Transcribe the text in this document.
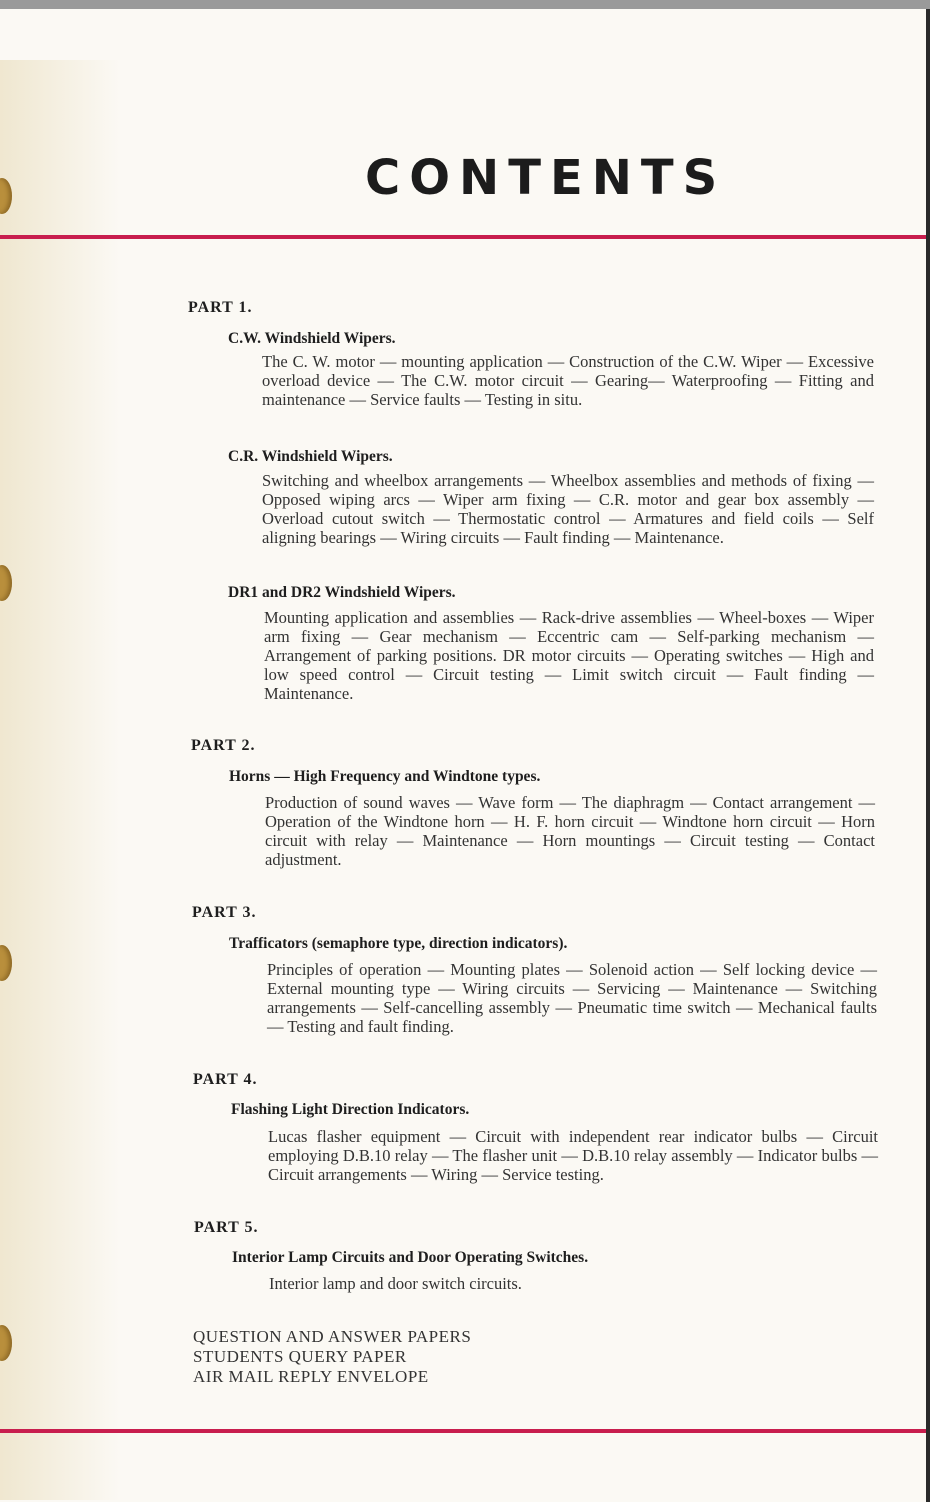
CONTENTS
PART 1.
C.W. Windshield Wipers.

The C. W. motor — mounting application — Construction of the C.W. Wiper — Excessive overload device — The C.W. motor circuit — Gearing— Waterproofing — Fitting and maintenance — Service faults — Testing in situ.

C.R. Windshield Wipers.

Switching and wheelbox arrangements — Wheelbox assemblies and methods of fixing — Opposed wiping arcs — Wiper arm fixing — C.R. motor and gear box assembly — Overload cutout switch — Thermostatic control — Armatures and field coils — Self aligning bearings — Wiring circuits — Fault finding — Maintenance.

DR1 and DR2 Windshield Wipers.

Mounting application and assemblies — Rack-drive assemblies — Wheel-boxes — Wiper arm fixing — Gear mechanism — Eccentric cam — Self-parking mechanism — Arrangement of parking positions. DR motor circuits — Operating switches — High and low speed control — Circuit testing — Limit switch circuit — Fault finding — Maintenance.

PART 2.
Horns — High Frequency and Windtone types.

Production of sound waves — Wave form — The diaphragm — Contact arrangement — Operation of the Windtone horn — H. F. horn circuit — Windtone horn circuit — Horn circuit with relay — Maintenance — Horn mountings — Circuit testing — Contact adjustment.

PART 3.
Trafficators (semaphore type, direction indicators).

Principles of operation — Mounting plates — Solenoid action — Self locking device — External mounting type — Wiring circuits — Servicing — Maintenance — Switching arrangements — Self-cancelling assembly — Pneumatic time switch — Mechanical faults — Testing and fault finding.

PART 4.
Flashing Light Direction Indicators.

Lucas flasher equipment — Circuit with independent rear indicator bulbs — Circuit employing D.B.10 relay — The flasher unit — D.B.10 relay assembly — Indicator bulbs — Circuit arrangements — Wiring — Service testing.

PART 5.
Interior Lamp Circuits and Door Operating Switches.

Interior lamp and door switch circuits.

QUESTION AND ANSWER PAPERS
STUDENTS QUERY PAPER
AIR MAIL REPLY ENVELOPE
